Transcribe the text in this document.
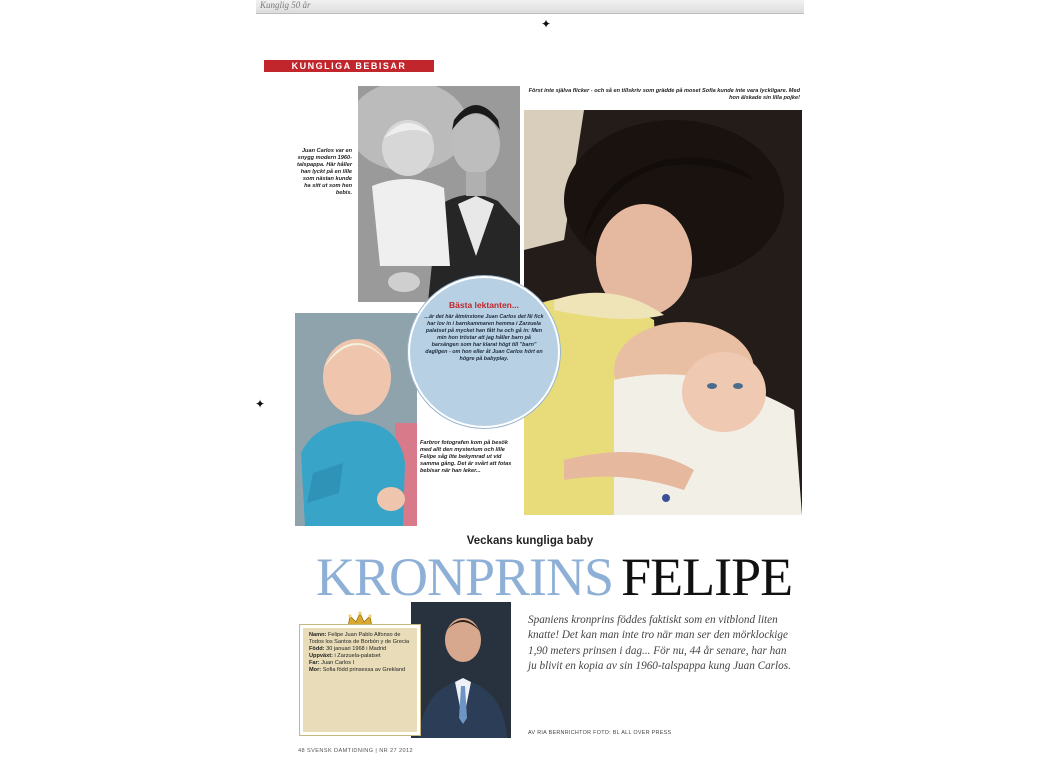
Kunglig 50 år
✦
✦
KUNGLIGA BEBISAR
Först inte själva flicker - och så en tillskriv som grädde på moset Sofia kunde inte vara lyckligare. Med hon älskade sin lilla pojke!
Juan Carlos var en snygg modern 1960-talspappa. Här håller han lyckt på en lille som nästan kunde ha sitt ut som hen bebis.
Farbror fotografen kom på besök med allt den mysterium och lille Felipe såg lite bekymrad ut vid samma gång. Det är svårt att fotas bebisar när han leker...
Bästa lektanten...

...är det här åtminstone Juan Carlos det Ni fick har lov in i barnkammaren hemma i Zarzuela palatset på mycket han fått ha och gå in: Men min hon tröstar att jag håller barn på barsängen som har klarat högt till "barn" dagligen - om hon eller åt Juan Carlos hört en högre på babyplay.

Veckans kungliga baby
KRONPRINS FELIPE
Namn: Felipe Juan Pablo Alfonso de Todos los Santos de Borbón y de Grecia
Född: 30 januari 1968 i Madrid
Uppväxt: i Zarzuela-palatset
Far: Juan Carlos I
Mor: Sofia född prinsessa av Grekland
Spaniens kronprins föddes faktiskt som en vitblond liten knatte! Det kan man inte tro när man ser den mörklockige 1,90 meters prinsen i dag... För nu, 44 år senare, har han ju blivit en kopia av sin 1960-talspappa kung Juan Carlos.
AV RIA BERNRICHTOR FOTO: BL ALL OVER PRESS
48 SVENSK DAMTIDNING | NR 27 2012
